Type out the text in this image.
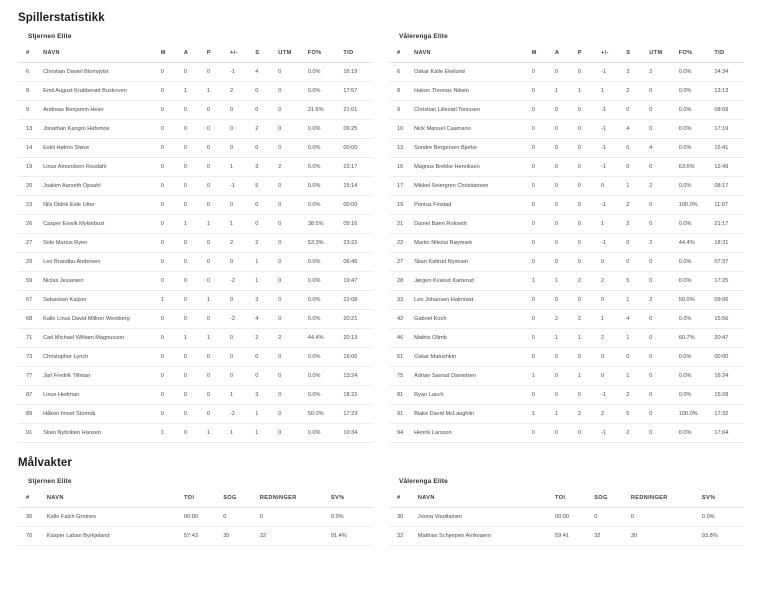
Spillerstatistikk
Stjernen Elite
#	NAVN	M	A	P	+/-	S	UTM	FO%	TID
6	Christian Daniel Blomqvist	0	0	0	-1	4	0	0.0%	16:19
8	Emil August Krabberød Buskoven	0	1	1	2	0	0	0.0%	17:57
9	Andreas Benjamin Heier	0	0	0	0	0	0	31.6%	21:01
13	Jonathan Kangro Hafsmoe	0	0	0	0	2	0	0.0%	06:25
14	Eskil Hølmo Støve	0	0	0	0	0	0	0.0%	00:00
19	Linus Amundsen Rosdahl	0	0	0	1	3	2	0.0%	23:17
20	Joakim Aarseth Opsahl	0	0	0	-1	5	0	0.0%	15:14
23	Nils Didrik Eide Utter	0	0	0	0	0	0	0.0%	00:00
26	Casper Einvik Myklebust	0	1	1	1	0	0	38.5%	09:16
27	Sole Marius Ryen	0	0	0	2	2	0	53.3%	23:22
29	Leo Brandbu Andersen	0	0	0	0	1	0	0.0%	06:45
59	Niclas Jessesen	0	0	0	-2	1	0	0.0%	19:47
67	Sebastian Kaijser	1	0	1	0	3	0	0.0%	22:08
68	Kalle Linus David Millner Westberg	0	0	0	-2	4	0	0.0%	20:21
71	Carl Michael William Magnusson	0	1	1	0	2	2	44.4%	20:13
73	Christopher Lynch	0	0	0	0	0	0	0.0%	16:06
77	Jarl Fredrik Tillman	0	0	0	0	0	0	0.0%	13:24
87	Linus Hedman	0	0	0	1	3	0	0.0%	18:22
89	Håkon Imset Stormåi	0	0	0	-2	1	0	50.0%	17:23
91	Stian Nybråten Hansen	1	0	1	1	1	0	0.0%	10:34
Vålerenga Elite
#	NAVN	M	A	P	+/-	S	UTM	FO%	TID
6	Oskar Kalle Ekelund	0	0	0	-1	3	2	0.0%	14:34
8	Hakon Thomas Nilsen	0	1	1	1	2	0	0.0%	13:13
9	Christian Lillestøl Tonissen	0	0	0	-1	0	0	0.0%	08:09
10	Nick Manuel Caamano	0	0	0	-1	4	0	0.0%	17:19
13	Sondre Bergersen Bjerke	0	0	0	-1	0	4	0.0%	16:41
16	Magnus Brekke Henriksen	0	0	0	-1	0	0	63.6%	12:49
17	Mikkel Seiergren Christiansen	0	0	0	0	1	2	0.0%	08:17
19	Pontus Finstad	0	0	0	-1	2	0	100.0%	11:07
21	Daniel Bøen Rokseth	0	0	0	1	2	0	0.0%	21:17
22	Martin Nikolai Røymark	0	0	0	-1	0	2	44.4%	18:31
27	Stian Kaltrud Nystuen	0	0	0	0	0	0	0.0%	07:37
28	Jørgen Kvarud Karterud	1	1	2	2	5	0	0.0%	17:25
33	Leo Johansen Halmrast	0	0	0	0	1	2	50.0%	09:06
42	Gabriel Koch	0	2	2	1	4	0	0.0%	15:56
46	Mathis Olimb	0	1	1	2	1	0	60.7%	20:47
61	Oskar Matushkin	0	0	0	0	0	0	0.0%	00:00
75	Adrian Saxrud Danielsen	1	0	1	0	1	0	0.0%	16:24
81	Ryan Lasch	0	0	0	-1	2	0	0.0%	15:28
91	Blake David McLaughlin	1	1	2	2	5	0	100.0%	17:32
94	Henrik Larsson	0	0	0	-1	2	0	0.0%	17:04
Målvakter
Stjernen Elite
#	NAVN	TOI	SOG	REDNINGER	SV%
30	Kalle Falch Grotnes	00:00	0	0	0.0%
70	Kasper Laban Byrkjeland	57:43	35	32	91.4%
Vålerenga Elite
#	NAVN	TOI	SOG	REDNINGER	SV%
30	Joona Voutilainen	00:00	0	0	0.0%
32	Mathias Schjerpen Arnkvaern	59:41	32	30	93.8%
